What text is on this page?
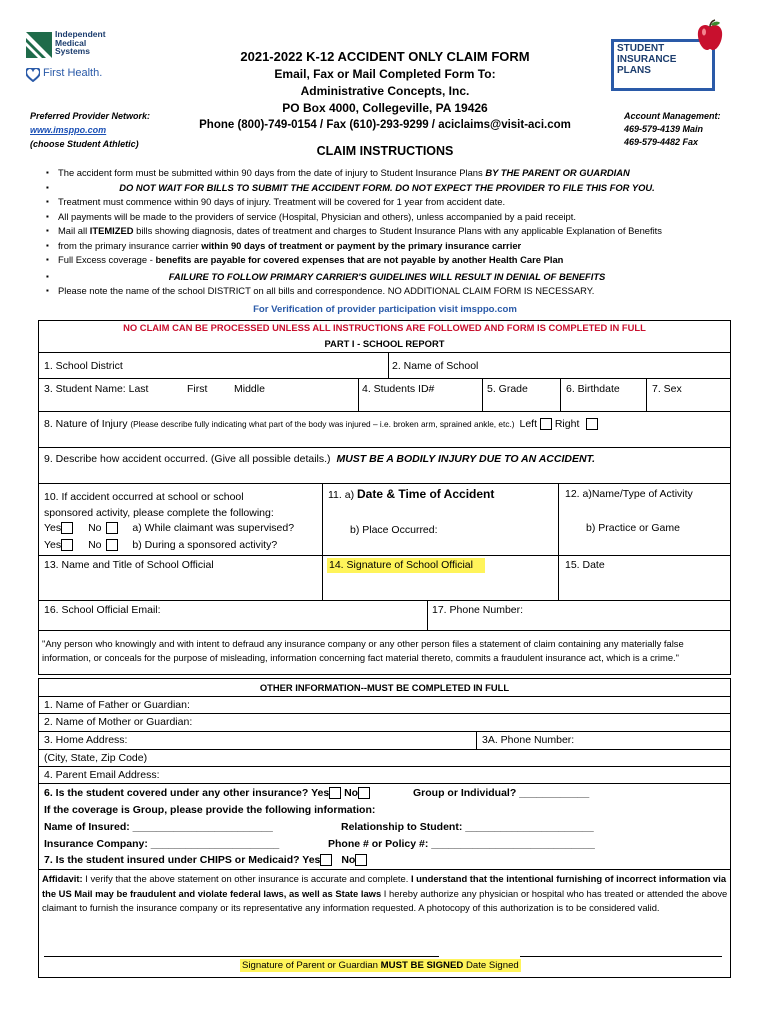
Independent
Medical
Systems
First Health.
Preferred Provider Network:
www.imsppo.com
(choose Student Athletic)
2021-2022 K-12 ACCIDENT ONLY CLAIM FORM
Email, Fax or Mail Completed Form To:
Administrative Concepts, Inc.
PO Box 4000, Collegeville, PA 19426
Phone (800)-749-0154 / Fax (610)-293-9299 / aciclaims@visit-aci.com
CLAIM INSTRUCTIONS
STUDENT
INSURANCE
PLANS
Account Management:
469-579-4139 Main
469-579-4482 Fax
▪ The accident form must be submitted within 90 days from the date of injury to Student Insurance Plans BY THE PARENT OR GUARDIAN
▪ DO NOT WAIT FOR BILLS TO SUBMIT THE ACCIDENT FORM. DO NOT EXPECT THE PROVIDER TO FILE THIS FOR YOU.
▪ Treatment must commence within 90 days of injury. Treatment will be covered for 1 year from accident date.
▪ All payments will be made to the providers of service (Hospital, Physician and others), unless accompanied by a paid receipt.
▪ Mail all ITEMIZED bills showing diagnosis, dates of treatment and charges to Student Insurance Plans with any applicable Explanation of Benefits
▪ from the primary insurance carrier within 90 days of treatment or payment by the primary insurance carrier
▪ Full Excess coverage - benefits are payable for covered expenses that are not payable by another Health Care Plan
▪ FAILURE TO FOLLOW PRIMARY CARRIER'S GUIDELINES WILL RESULT IN DENIAL OF BENEFITS
▪ Please note the name of the school DISTRICT on all bills and correspondence. NO ADDITIONAL CLAIM FORM IS NECESSARY.
For Verification of provider participation visit imsppo.com
NO CLAIM CAN BE PROCESSED UNLESS ALL INSTRUCTIONS ARE FOLLOWED AND FORM IS COMPLETED IN FULL
PART I - SCHOOL REPORT
1. School District	2. Name of School
3. Student Name: Last	First	Middle	4. Students ID#	5. Grade	6. Birthdate	7. Sex
8. Nature of Injury (Please describe fully indicating what part of the body was injured – i.e. broken arm, sprained ankle, etc.) Left Right
9. Describe how accident occurred. (Give all possible details.) MUST BE A BODILY INJURY DUE TO AN ACCIDENT.
10. If accident occurred at school or school
sponsored activity, please complete the following:
Yes	No	a) While claimant was supervised?
Yes	No	b) During a sponsored activity?
11. a) Date & Time of Accident
b) Place Occurred:
12. a)Name/Type of Activity
b) Practice or Game
13. Name and Title of School Official	14. Signature of School Official	15. Date
16. School Official Email:	17. Phone Number:
"Any person who knowingly and with intent to defraud any insurance company or any other person files a statement of claim containing any materially false information, or conceals for the purpose of misleading, information concerning fact material thereto, commits a fraudulent insurance act, which is a crime."
OTHER INFORMATION--MUST BE COMPLETED IN FULL
1. Name of Father or Guardian:
2. Name of Mother or Guardian:
3. Home Address:	3A. Phone Number:
(City, State, Zip Code)
4. Parent Email Address:
6. Is the student covered under any other insurance? Yes No	Group or Individual? ____________
If the coverage is Group, please provide the following information:
Name of Insured: ________________________	Relationship to Student: ______________________
Insurance Company: ______________________	Phone # or Policy #: ____________________________
7. Is the student insured under CHIPS or Medicaid? Yes No
Affidavit: I verify that the above statement on other insurance is accurate and complete. I understand that the intentional furnishing of incorrect information via the US Mail may be fraudulent and violate federal laws, as well as State laws I hereby authorize any physician or hospital who has treated or attended the above claimant to furnish the insurance company or its representative any information requested. A photocopy of this authorization is to be considered valid.
Signature of Parent or Guardian MUST BE SIGNED Date Signed
